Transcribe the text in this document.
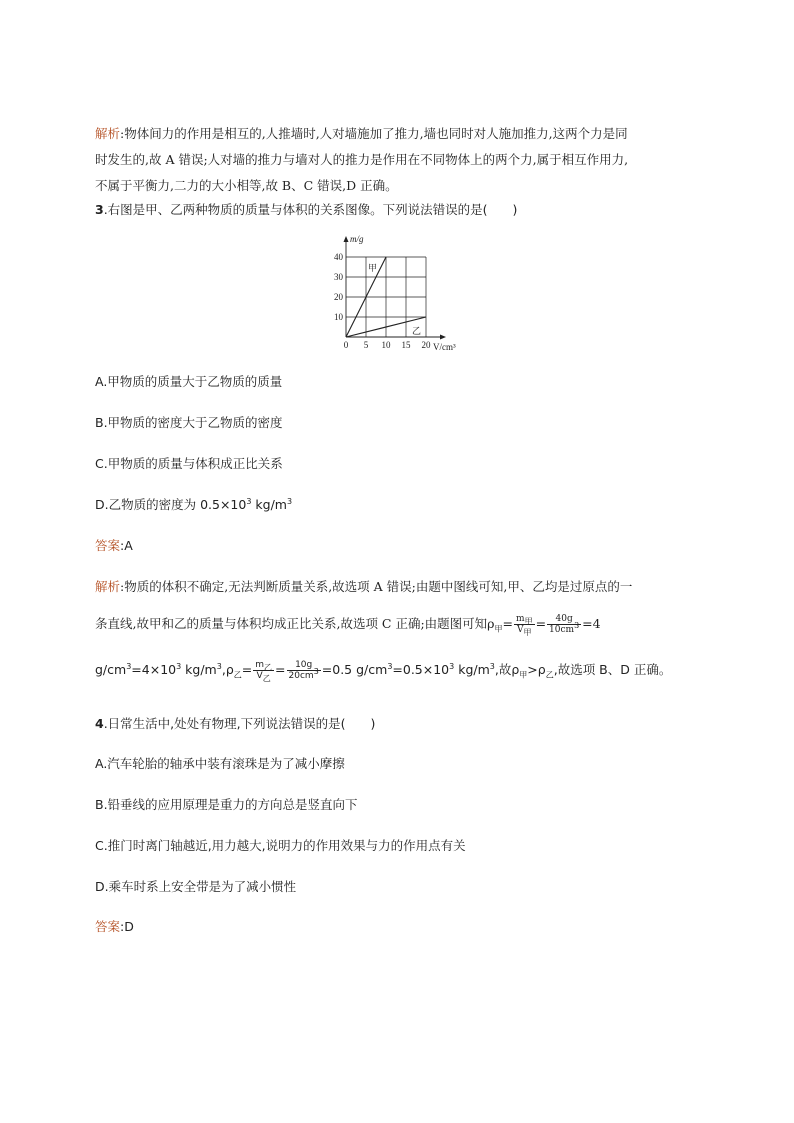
解析:物体间力的作用是相互的,人推墙时,人对墙施加了推力,墙也同时对人施加推力,这两个力是同
时发生的,故 A 错误;人对墙的推力与墙对人的推力是作用在不同物体上的两个力,属于相互作用力,
不属于平衡力,二力的大小相等,故 B、C 错误,D 正确。
3.右图是甲、乙两种物质的质量与体积的关系图像。下列说法错误的是(　　)
甲
乙
0 5 10 15 20
10
20
30
40
m/g
V/cm³
A.甲物质的质量大于乙物质的质量
B.甲物质的密度大于乙物质的密度
C.甲物质的质量与体积成正比关系
D.乙物质的密度为 $0.5\times 10^3$ $kg/m^3$
答案:A
解析:物质的体积不确定,无法判断质量关系,故选项 A 错误;由题中图线可知,甲、乙均是过原点的一
条直线,故甲和乙的质量与体积均成正比关系,故选项 C 正确;由题图可知$\rho_甲= \frac{m_甲}{V_甲} = \frac{40g}{10cm^3} =4$
$g/cm^3=4\times 10^3$ $kg/m^3,\rho_乙= \frac{m_乙}{V_乙} = \frac{10g}{20cm^3} =0.5$ $g/cm^3=0.5\times 10^3$ $kg/m^3$,故$\rho_甲>\rho_乙$,故选项 B、D 正确。
4.日常生活中,处处有物理,下列说法错误的是(　　)
A.汽车轮胎的轴承中装有滚珠是为了减小摩擦
B.铅垂线的应用原理是重力的方向总是竖直向下
C.推门时离门轴越近,用力越大,说明力的作用效果与力的作用点有关
D.乘车时系上安全带是为了减小惯性
答案:D
